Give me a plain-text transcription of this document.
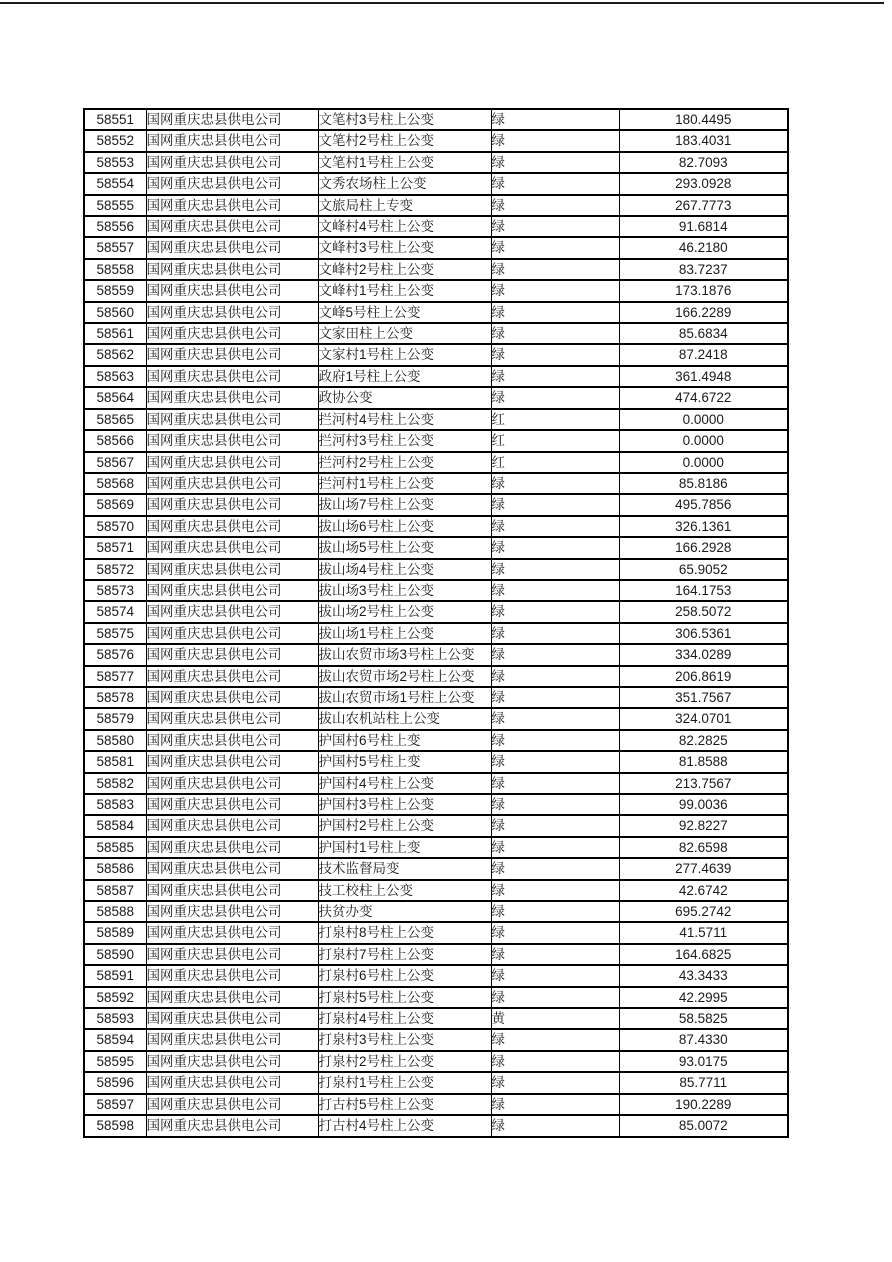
58551	国网重庆忠县供电公司	文笔村3号柱上公变	绿	180.4495
58552	国网重庆忠县供电公司	文笔村2号柱上公变	绿	183.4031
58553	国网重庆忠县供电公司	文笔村1号柱上公变	绿	82.7093
58554	国网重庆忠县供电公司	文秀农场柱上公变	绿	293.0928
58555	国网重庆忠县供电公司	文旅局柱上专变	绿	267.7773
58556	国网重庆忠县供电公司	文峰村4号柱上公变	绿	91.6814
58557	国网重庆忠县供电公司	文峰村3号柱上公变	绿	46.2180
58558	国网重庆忠县供电公司	文峰村2号柱上公变	绿	83.7237
58559	国网重庆忠县供电公司	文峰村1号柱上公变	绿	173.1876
58560	国网重庆忠县供电公司	文峰5号柱上公变	绿	166.2289
58561	国网重庆忠县供电公司	文家田柱上公变	绿	85.6834
58562	国网重庆忠县供电公司	文家村1号柱上公变	绿	87.2418
58563	国网重庆忠县供电公司	政府1号柱上公变	绿	361.4948
58564	国网重庆忠县供电公司	政协公变	绿	474.6722
58565	国网重庆忠县供电公司	拦河村4号柱上公变	红	0.0000
58566	国网重庆忠县供电公司	拦河村3号柱上公变	红	0.0000
58567	国网重庆忠县供电公司	拦河村2号柱上公变	红	0.0000
58568	国网重庆忠县供电公司	拦河村1号柱上公变	绿	85.8186
58569	国网重庆忠县供电公司	拔山场7号柱上公变	绿	495.7856
58570	国网重庆忠县供电公司	拔山场6号柱上公变	绿	326.1361
58571	国网重庆忠县供电公司	拔山场5号柱上公变	绿	166.2928
58572	国网重庆忠县供电公司	拔山场4号柱上公变	绿	65.9052
58573	国网重庆忠县供电公司	拔山场3号柱上公变	绿	164.1753
58574	国网重庆忠县供电公司	拔山场2号柱上公变	绿	258.5072
58575	国网重庆忠县供电公司	拔山场1号柱上公变	绿	306.5361
58576	国网重庆忠县供电公司	拔山农贸市场3号柱上公变	绿	334.0289
58577	国网重庆忠县供电公司	拔山农贸市场2号柱上公变	绿	206.8619
58578	国网重庆忠县供电公司	拔山农贸市场1号柱上公变	绿	351.7567
58579	国网重庆忠县供电公司	拔山农机站柱上公变	绿	324.0701
58580	国网重庆忠县供电公司	护国村6号柱上变	绿	82.2825
58581	国网重庆忠县供电公司	护国村5号柱上变	绿	81.8588
58582	国网重庆忠县供电公司	护国村4号柱上公变	绿	213.7567
58583	国网重庆忠县供电公司	护国村3号柱上公变	绿	99.0036
58584	国网重庆忠县供电公司	护国村2号柱上公变	绿	92.8227
58585	国网重庆忠县供电公司	护国村1号柱上变	绿	82.6598
58586	国网重庆忠县供电公司	技术监督局变	绿	277.4639
58587	国网重庆忠县供电公司	技工校柱上公变	绿	42.6742
58588	国网重庆忠县供电公司	扶贫办变	绿	695.2742
58589	国网重庆忠县供电公司	打泉村8号柱上公变	绿	41.5711
58590	国网重庆忠县供电公司	打泉村7号柱上公变	绿	164.6825
58591	国网重庆忠县供电公司	打泉村6号柱上公变	绿	43.3433
58592	国网重庆忠县供电公司	打泉村5号柱上公变	绿	42.2995
58593	国网重庆忠县供电公司	打泉村4号柱上公变	黄	58.5825
58594	国网重庆忠县供电公司	打泉村3号柱上公变	绿	87.4330
58595	国网重庆忠县供电公司	打泉村2号柱上公变	绿	93.0175
58596	国网重庆忠县供电公司	打泉村1号柱上公变	绿	85.7711
58597	国网重庆忠县供电公司	打古村5号柱上公变	绿	190.2289
58598	国网重庆忠县供电公司	打古村4号柱上公变	绿	85.0072
